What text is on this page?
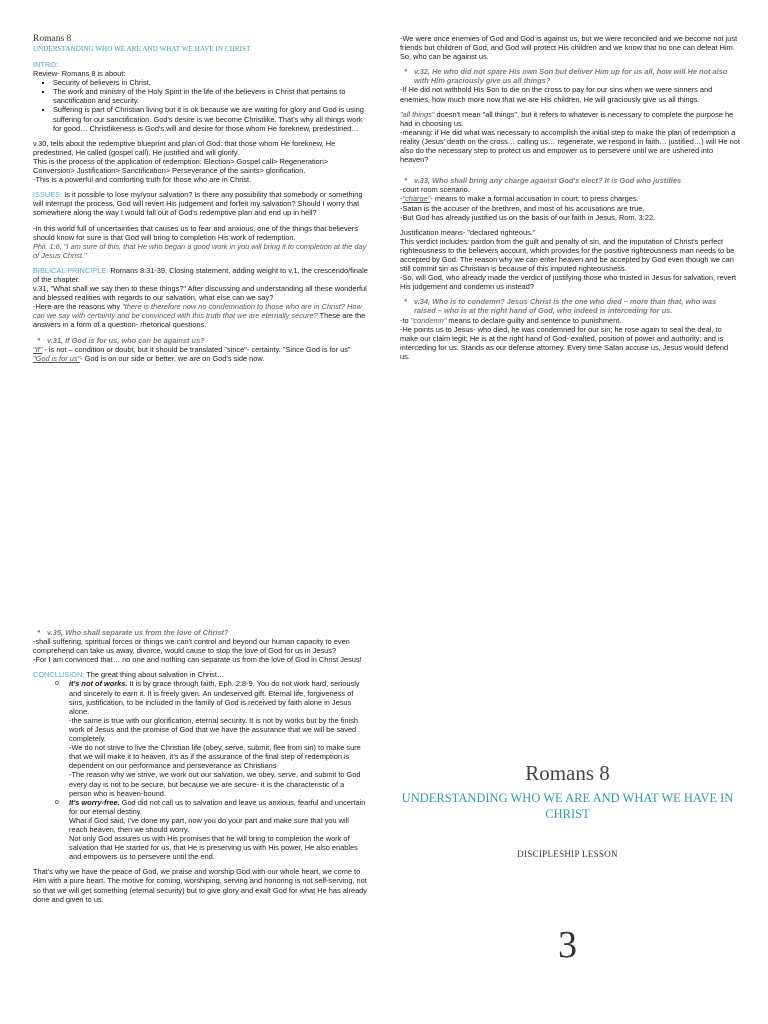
Romans 8

UNDERSTANDING WHO WE ARE AND WHAT WE HAVE IN CHRIST

INTRO:

Review- Romans 8 is about:

▪ Security of believers in Christ,
▪ The work and ministry of the Holy Spirit in the life of the believers in Christ that pertains to sanctification and security.
▪ Suffering is part of Christian living but it is ok because we are waiting for glory and God is using suffering for our sanctification. God's desire is we become Christlike. That's why all things work for good… Christlikeness is God's will and desire for those whom He foreknew, predestined…

v.30, tells about the redemptive blueprint and plan of God: that those whom He foreknew, He predestined, He called (gospel call), He justified and will glorify.

This is the process of the application of redemption: Election> Gospel call> Regeneration> Conversion> Justification> Sanctification> Perseverance of the saints> glorification.

-This is a powerful and comforting truth for those who are in Christ.

ISSUES: Is it possible to lose my/your salvation? Is there any possibility that somebody or something will interrupt the process, God will revert His judgement and forfeit my salvation? Should I worry that somewhere along the way I would fall out of God's redemptive plan and end up in hell?

-In this world full of uncertainties that causes us to fear and anxious, one of the things that believers should know for sure is that God will bring to completion His work of redemption.

Phil. 1:6, "I am sure of this, that He who began a good work in you will bring it to completion at the day of Jesus Christ."

BIBLICAL PRINCIPLE: Romans 8:31-39. Closing statement, adding weight to v.1, the crescendo/finale of the chapter.

v.31, "What shall we say then to these things?" After discussing and understanding all these wonderful and blessed realities with regards to our salvation, what else can we say?

-Here are the reasons why "there is therefore now no condemnation to those who are in Christ? How can we say with certainty and be convinced with this truth that we are eternally secure? These are the answers in a form of a question- rhetorical questions.

● v.31, If God is for us, who can be against us?

"If" - is not – condition or doubt, but it should be translated "since"- certainty. "Since God is for us"

"God is for us"- God is on our side or better, we are on God's side now.

-We were once enemies of God and God is against us, but we were reconciled and we become not just friends but children of God, and God will protect His children and we know that no one can defeat Him. So, who can be against us.

● v.32, He who did not spare His own Son but deliver Him up for us all, how will He not also with Him graciously give us all things?

-If He did not withhold His Son to die on the cross to pay for our sins when we were sinners and enemies, how much more now that we are His children, He will graciously give us all things.

"all things" doesn't mean "all things", but it refers to whatever is necessary to complete the purpose he had in choosing us.

-meaning: if He did what was necessary to accomplish the initial step to make the plan of redemption a reality (Jesus' death on the cross… calling us… regenerate, we respond in faith… justified…) will He not also do the necessary step to protect us and empower us to persevere until we are ushered into heaven?

● v.33, Who shall bring any charge against God's elect? It is God who justifies

-court room scenario.

-"charge"- means to make a formal accusation in court; to press charges.

-Satan is the accuser of the brethren, and most of his accusations are true.

-But God has already justified us on the basis of our faith in Jesus, Rom. 3:22.

Justification means- "declared righteous."

This verdict includes: pardon from the guilt and penalty of sin, and the imputation of Christ's perfect righteousness to the believers account, which provides for the positive righteousness man needs to be accepted by God. The reason why we can enter heaven and be accepted by God even though we can still commit sin as Christian is because of this imputed righteousness.

-So, will God, who already made the verdict of justifying those who trusted in Jesus for salvation, revert His judgement and condemn us instead?

● v.34, Who is to condemn? Jesus Christ is the one who died – more than that, who was raised – who is at the right hand of God, who indeed is interceding for us.

-to "condemn" means to declare guilty and sentence to punishment.

-He points us to Jesus- who died, he was condemned for our sin; he rose again to seal the deal, to make our claim legit; He is at the right hand of God- exalted, position of power and authority; and is interceding for us. Stands as our defense attorney. Every time Satan accuse us, Jesus would defend us.

● v.35, Who shall separate us from the love of Christ?

-shall suffering, spiritual forces or things we can't control and beyond our human capacity to even comprehend can take us away, divorce, would cause to stop the love of God for us in Jesus?

-For I am convinced that… no one and nothing can separate us from the love of God in Christ Jesus!

CONCLUSION: The great thing about salvation in Christ…

o it's not of works. It is by grace through faith, Eph. 2:8-9. You do not work hard, seriously and sincerely to earn it. It is freely given. An undeserved gift. Eternal life, forgiveness of sins, justification, to be included in the family of God is received by faith alone in Jesus alone.

-the same is true with our glorification, eternal security. It is not by works but by the finish work of Jesus and the promise of God that we have the assurance that we will be saved completely.

-We do not strive to live the Christian life (obey, serve, submit, flee from sin) to make sure that we will make it to heaven, it's as if the assurance of the final step of redemption is dependent on our performance and perseverance as Christians

-The reason why we strive, we work out our salvation, we obey, serve, and submit to God every day is not to be secure, but because we are secure- it is the characteristic of a person who is heaven-bound.

o It's worry-free. God did not call us to salvation and leave us anxious, fearful and uncertain for our eternal destiny.

What if God said, I've done my part, now you do your part and make sure that you will reach heaven, then we should worry.

Not only God assures us with His promises that he will bring to completion the work of salvation that He started for us, that He is preserving us with His power, He also enables and empowers us to persevere until the end.

That's why we have the peace of God, we praise and worship God with our whole heart, we come to Him with a pure heart. The motive for coming, worshiping, serving and honoring is not self-serving, not so that we will get something (eternal security) but to give glory and exalt God for what He has already done and given to us.

Romans 8

UNDERSTANDING WHO WE ARE AND WHAT WE HAVE IN CHRIST

DISCIPLESHIP LESSON

3
